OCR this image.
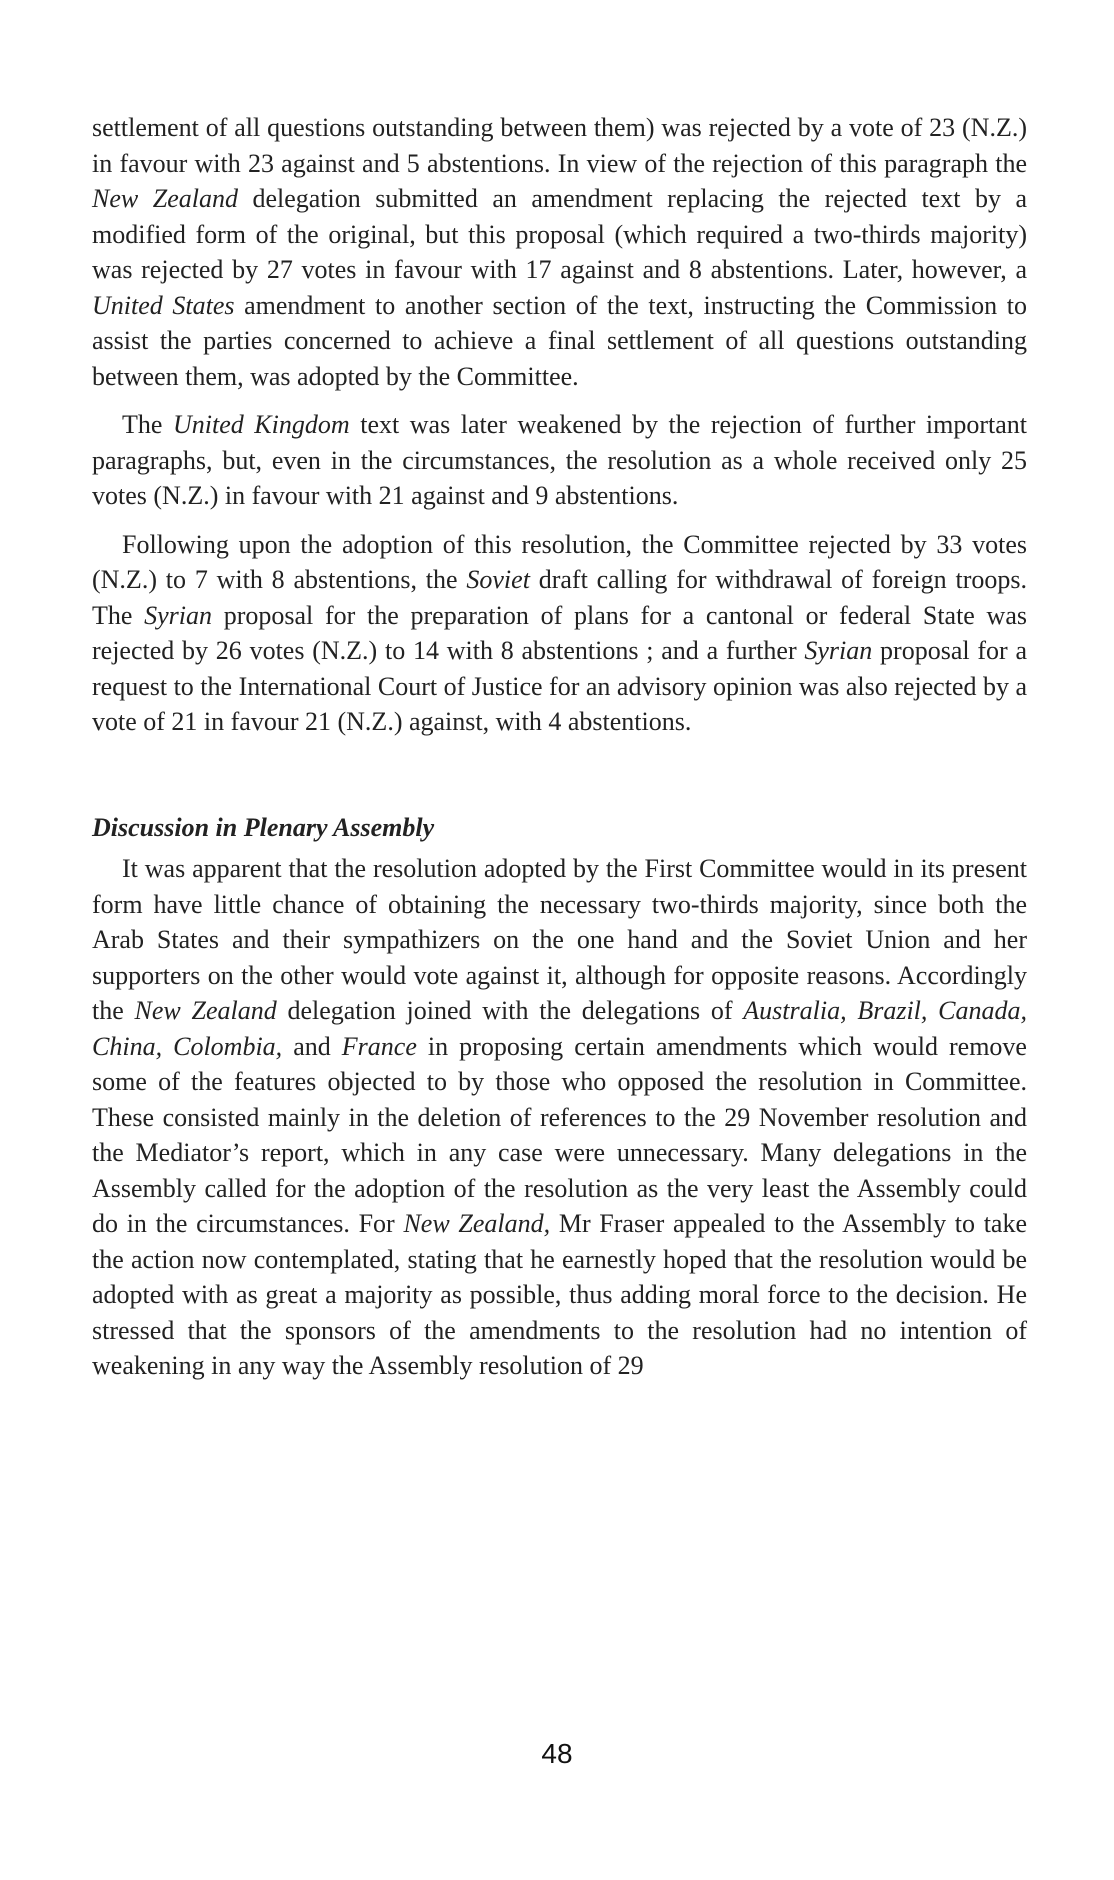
settlement of all questions outstanding between them) was rejected by a vote of 23 (N.Z.) in favour with 23 against and 5 abstentions. In view of the rejection of this paragraph the New Zealand delegation submitted an amendment replacing the rejected text by a modified form of the original, but this proposal (which required a two-thirds majority) was rejected by 27 votes in favour with 17 against and 8 abstentions. Later, however, a United States amendment to another section of the text, instructing the Commission to assist the parties concerned to achieve a final settlement of all questions outstanding between them, was adopted by the Committee.

The United Kingdom text was later weakened by the rejection of further important paragraphs, but, even in the circumstances, the resolution as a whole received only 25 votes (N.Z.) in favour with 21 against and 9 abstentions.

Following upon the adoption of this resolution, the Committee rejected by 33 votes (N.Z.) to 7 with 8 abstentions, the Soviet draft calling for withdrawal of foreign troops. The Syrian proposal for the preparation of plans for a cantonal or federal State was rejected by 26 votes (N.Z.) to 14 with 8 abstentions ; and a further Syrian proposal for a request to the International Court of Justice for an advisory opinion was also rejected by a vote of 21 in favour 21 (N.Z.) against, with 4 abstentions.

Discussion in Plenary Assembly

It was apparent that the resolution adopted by the First Committee would in its present form have little chance of obtaining the necessary two-thirds majority, since both the Arab States and their sympathizers on the one hand and the Soviet Union and her supporters on the other would vote against it, although for opposite reasons. Accordingly the New Zealand delegation joined with the delegations of Australia, Brazil, Canada, China, Colombia, and France in proposing certain amendments which would remove some of the features objected to by those who opposed the resolution in Committee. These consisted mainly in the deletion of references to the 29 November resolution and the Mediator’s report, which in any case were unnecessary. Many delegations in the Assembly called for the adoption of the resolution as the very least the Assembly could do in the circumstances. For New Zealand, Mr Fraser appealed to the Assembly to take the action now contemplated, stating that he earnestly hoped that the resolution would be adopted with as great a majority as possible, thus adding moral force to the decision. He stressed that the sponsors of the amendments to the resolution had no intention of weakening in any way the Assembly resolution of 29

48
